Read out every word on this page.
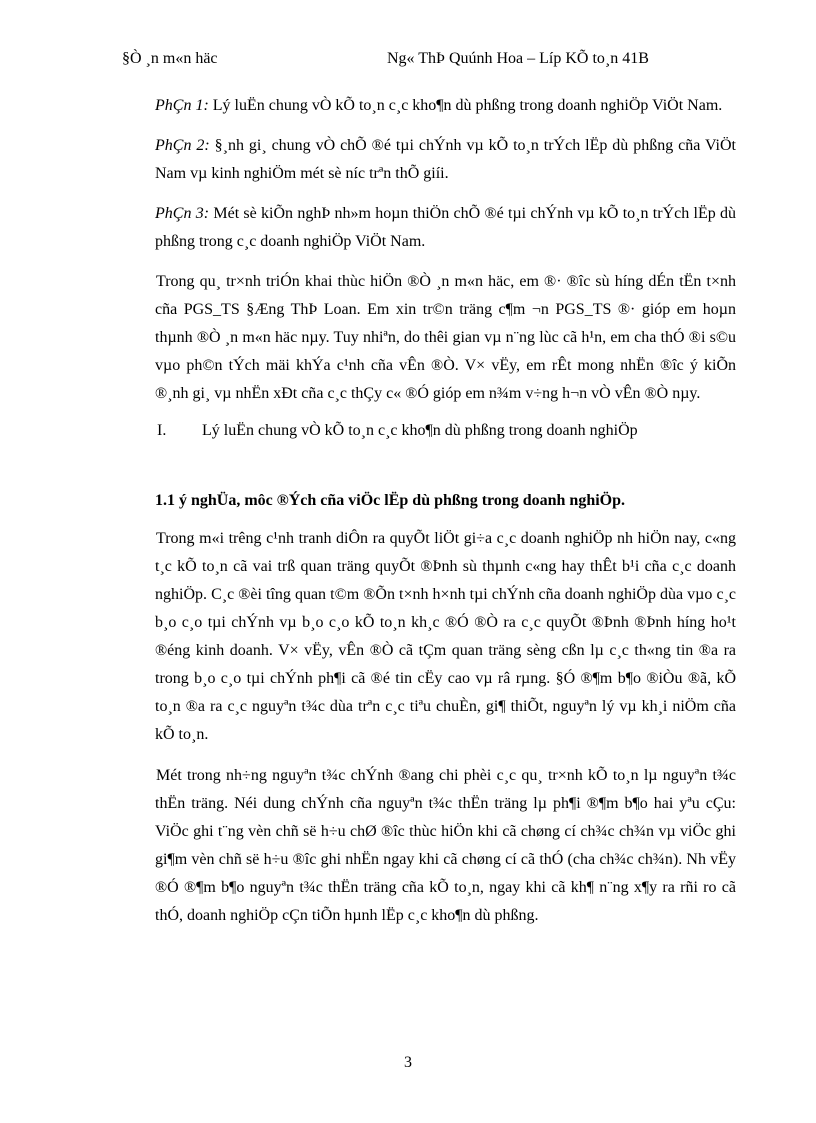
§Ò ¸n m«n häc	Ng« ThÞ Quúnh Hoa – Líp KÕ to¸n 41B

PhÇn 1: Lý luËn chung vÒ kÕ to¸n c¸c kho¶n dù phßng trong doanh nghiÖp ViÖt Nam.

PhÇn 2: §¸nh gi¸ chung vÒ chÕ ®é tµi chÝnh vµ kÕ to¸n trÝch lËp dù phßng cña ViÖt Nam vµ kinh nghiÖm mét sè níc trªn thÕ giíi.

PhÇn 3: Mét sè kiÕn nghÞ nh»m hoµn thiÖn chÕ ®é tµi chÝnh vµ kÕ to¸n trÝch lËp dù phßng trong c¸c doanh nghiÖp ViÖt Nam.

Trong qu¸ tr×nh triÓn khai thùc hiÖn ®Ò ¸n m«n häc, em ®· ®îc sù híng dÉn tËn t×nh cña PGS_TS §Æng ThÞ Loan. Em xin tr©n träng c¶m ¬n PGS_TS ®· gióp em hoµn thµnh ®Ò ¸n m«n häc nµy. Tuy nhiªn, do thêi gian vµ n¨ng lùc cã h¹n, em cha thÓ ®i s©u vµo ph©n tÝch mäi khÝa c¹nh cña vÊn ®Ò. V× vËy, em rÊt mong nhËn ®îc ý kiÕn ®¸nh gi¸ vµ nhËn xÐt cña c¸c thÇy c« ®Ó gióp em n¾m v÷ng h¬n vÒ vÊn ®Ò nµy.

I. Lý luËn chung vÒ kÕ to¸n c¸c kho¶n dù phßng trong doanh nghiÖp

1.1 ý nghÜa, môc ®Ých cña viÖc lËp dù phßng trong doanh nghiÖp.

Trong m«i trêng c¹nh tranh diÔn ra quyÕt liÖt gi÷a c¸c doanh nghiÖp nh hiÖn nay, c«ng t¸c kÕ to¸n cã vai trß quan träng quyÕt ®Þnh sù thµnh c«ng hay thÊt b¹i cña c¸c doanh nghiÖp. C¸c ®èi tîng quan t©m ®Õn t×nh h×nh tµi chÝnh cña doanh nghiÖp dùa vµo c¸c b¸o c¸o tµi chÝnh vµ b¸o c¸o kÕ to¸n kh¸c ®Ó ®Ò ra c¸c quyÕt ®Þnh ®Þnh híng ho¹t ®éng kinh doanh. V× vËy, vÊn ®Ò cã tÇm quan träng sèng cßn lµ c¸c th«ng tin ®a ra trong b¸o c¸o tµi chÝnh ph¶i cã ®é tin cËy cao vµ râ rµng. §Ó ®¶m b¶o ®iÒu ®ã, kÕ to¸n ®a ra c¸c nguyªn t¾c dùa trªn c¸c tiªu chuÈn, gi¶ thiÕt, nguyªn lý vµ kh¸i niÖm cña kÕ to¸n.

Mét trong nh÷ng nguyªn t¾c chÝnh ®ang chi phèi c¸c qu¸ tr×nh kÕ to¸n lµ nguyªn t¾c thËn träng. Néi dung chÝnh cña nguyªn t¾c thËn träng lµ ph¶i ®¶m b¶o hai yªu cÇu: ViÖc ghi t¨ng vèn chñ së h÷u chØ ®îc thùc hiÖn khi cã chøng cí ch¾c ch¾n vµ viÖc ghi gi¶m vèn chñ së h÷u ®îc ghi nhËn ngay khi cã chøng cí cã thÓ (cha ch¾c ch¾n). Nh vËy ®Ó ®¶m b¶o nguyªn t¾c thËn träng cña kÕ to¸n, ngay khi cã kh¶ n¨ng x¶y ra rñi ro cã thÓ, doanh nghiÖp cÇn tiÕn hµnh lËp c¸c kho¶n dù phßng.

3
